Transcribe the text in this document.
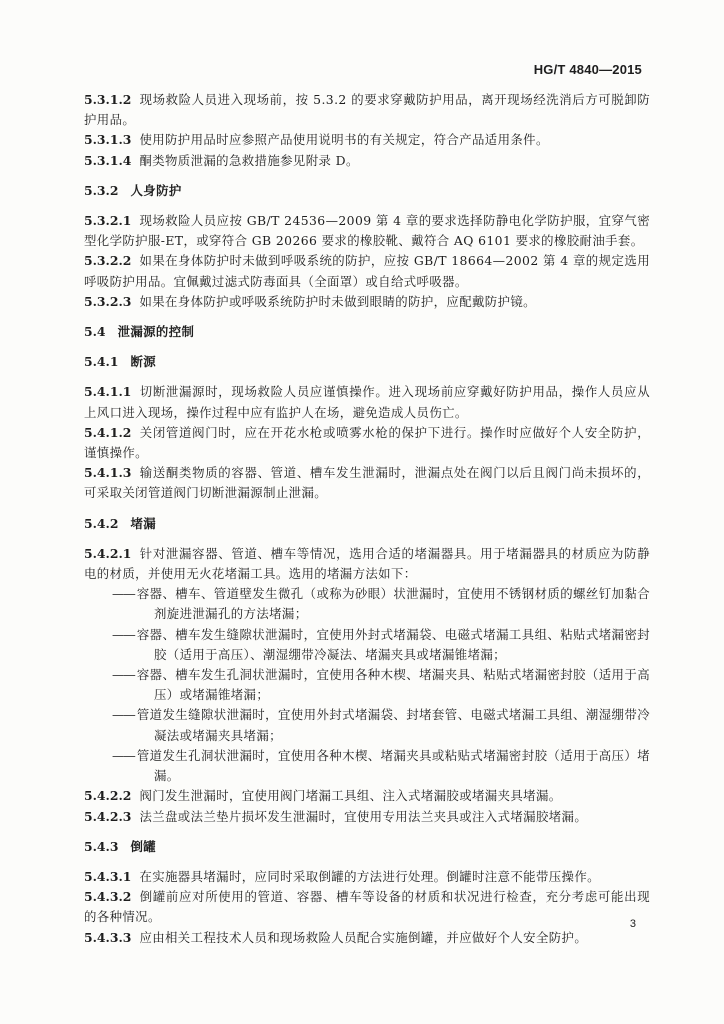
HG/T 4840—2015

5.3.1.2 现场救险人员进入现场前，按 5.3.2 的要求穿戴防护用品，离开现场经洗消后方可脱卸防护用品。

5.3.1.3 使用防护用品时应参照产品使用说明书的有关规定，符合产品适用条件。

5.3.1.4 酮类物质泄漏的急救措施参见附录 D。

5.3.2 人身防护

5.3.2.1 现场救险人员应按 GB/T 24536—2009 第 4 章的要求选择防静电化学防护服，宜穿气密型化学防护服-ET，或穿符合 GB 20266 要求的橡胶靴、戴符合 AQ 6101 要求的橡胶耐油手套。

5.3.2.2 如果在身体防护时未做到呼吸系统的防护，应按 GB/T 18664—2002 第 4 章的规定选用呼吸防护用品。宜佩戴过滤式防毒面具（全面罩）或自给式呼吸器。

5.3.2.3 如果在身体防护或呼吸系统防护时未做到眼睛的防护，应配戴防护镜。

5.4 泄漏源的控制

5.4.1 断源

5.4.1.1 切断泄漏源时，现场救险人员应谨慎操作。进入现场前应穿戴好防护用品，操作人员应从上风口进入现场，操作过程中应有监护人在场，避免造成人员伤亡。

5.4.1.2 关闭管道阀门时，应在开花水枪或喷雾水枪的保护下进行。操作时应做好个人安全防护，谨慎操作。

5.4.1.3 输送酮类物质的容器、管道、槽车发生泄漏时，泄漏点处在阀门以后且阀门尚未损坏的，可采取关闭管道阀门切断泄漏源制止泄漏。

5.4.2 堵漏

5.4.2.1 针对泄漏容器、管道、槽车等情况，选用合适的堵漏器具。用于堵漏器具的材质应为防静电的材质，并使用无火花堵漏工具。选用的堵漏方法如下：

—— 容器、槽车、管道壁发生微孔（或称为砂眼）状泄漏时，宜使用不锈钢材质的螺丝钉加黏合剂旋进泄漏孔的方法堵漏；

—— 容器、槽车发生缝隙状泄漏时，宜使用外封式堵漏袋、电磁式堵漏工具组、粘贴式堵漏密封胶（适用于高压）、潮湿绷带冷凝法、堵漏夹具或堵漏锥堵漏；

—— 容器、槽车发生孔洞状泄漏时，宜使用各种木楔、堵漏夹具、粘贴式堵漏密封胶（适用于高压）或堵漏锥堵漏；

—— 管道发生缝隙状泄漏时，宜使用外封式堵漏袋、封堵套管、电磁式堵漏工具组、潮湿绷带冷凝法或堵漏夹具堵漏；

—— 管道发生孔洞状泄漏时，宜使用各种木楔、堵漏夹具或粘贴式堵漏密封胶（适用于高压）堵漏。

5.4.2.2 阀门发生泄漏时，宜使用阀门堵漏工具组、注入式堵漏胶或堵漏夹具堵漏。

5.4.2.3 法兰盘或法兰垫片损坏发生泄漏时，宜使用专用法兰夹具或注入式堵漏胶堵漏。

5.4.3 倒罐

5.4.3.1 在实施器具堵漏时，应同时采取倒罐的方法进行处理。倒罐时注意不能带压操作。

5.4.3.2 倒罐前应对所使用的管道、容器、槽车等设备的材质和状况进行检查，充分考虑可能出现的各种情况。

5.4.3.3 应由相关工程技术人员和现场救险人员配合实施倒罐，并应做好个人安全防护。

3
